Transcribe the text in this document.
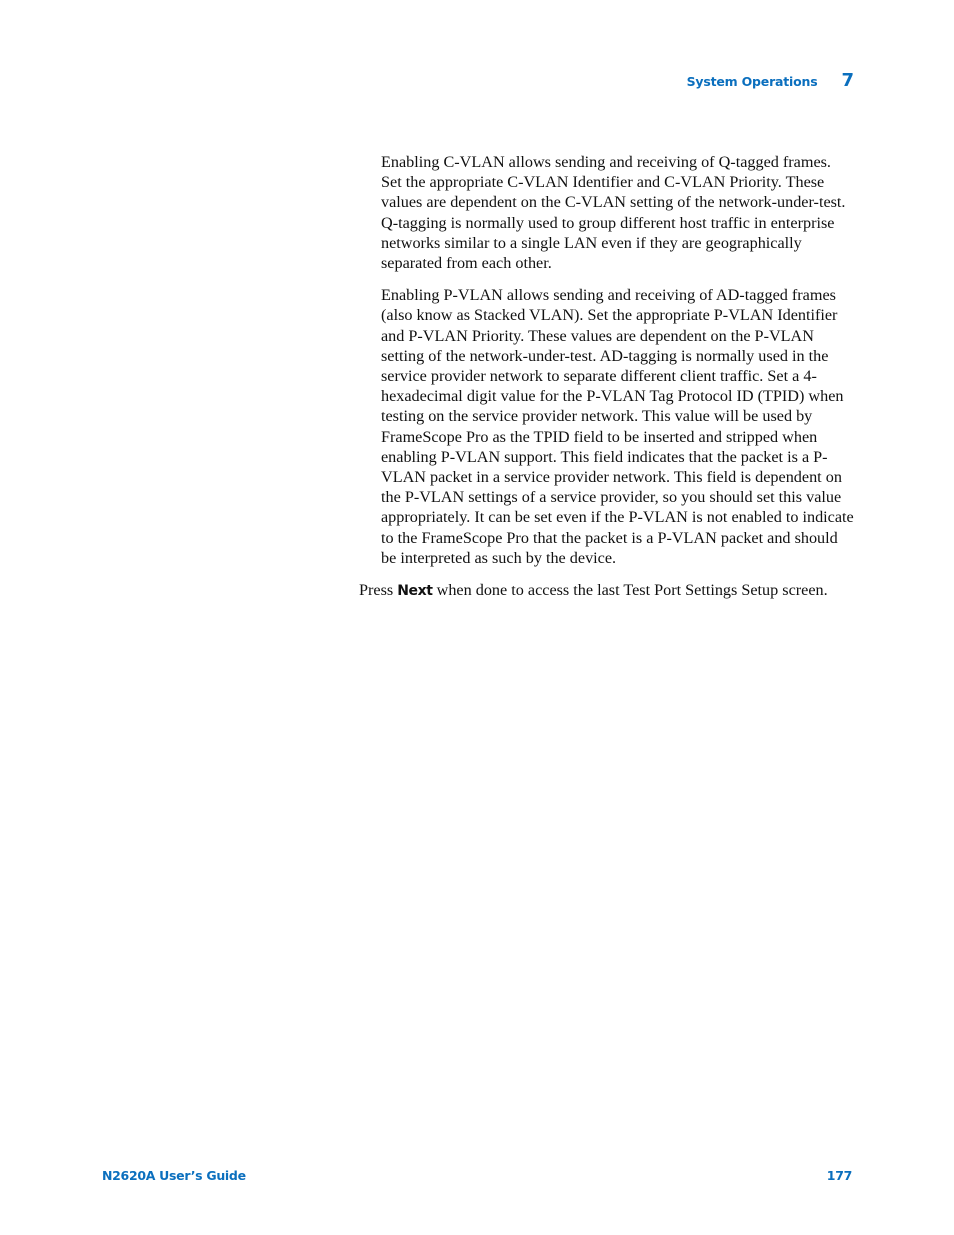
System Operations 7

Enabling C-VLAN allows sending and receiving of Q-tagged frames. Set the appropriate C-VLAN Identifier and C-VLAN Priority. These values are dependent on the C-VLAN setting of the network-under-test. Q-tagging is normally used to group different host traffic in enterprise networks similar to a single LAN even if they are geographically separated from each other.

Enabling P-VLAN allows sending and receiving of AD-tagged frames (also know as Stacked VLAN). Set the appropriate P-VLAN Identifier and P-VLAN Priority. These values are dependent on the P-VLAN setting of the network-under-test. AD-tagging is normally used in the service provider network to separate different client traffic. Set a 4-hexadecimal digit value for the P-VLAN Tag Protocol ID (TPID) when testing on the service provider network. This value will be used by FrameScope Pro as the TPID field to be inserted and stripped when enabling P-VLAN support. This field indicates that the packet is a P-VLAN packet in a service provider network. This field is dependent on the P-VLAN settings of a service provider, so you should set this value appropriately. It can be set even if the P-VLAN is not enabled to indicate to the FrameScope Pro that the packet is a P-VLAN packet and should be interpreted as such by the device.

Press Next when done to access the last Test Port Settings Setup screen.

N2620A User’s Guide	177
